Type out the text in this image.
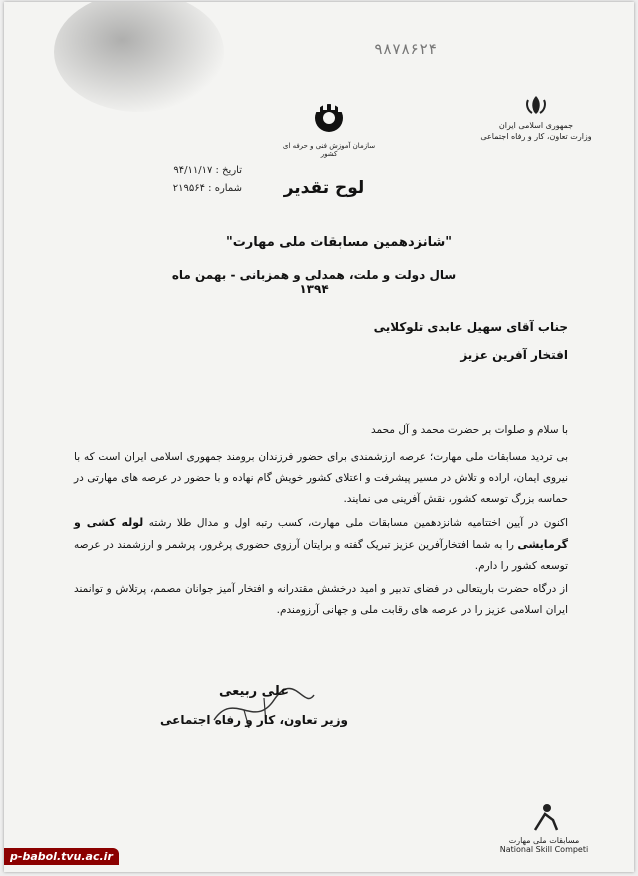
۹۸۷۸۶۲۴
جمهوری اسلامی ایران
وزارت تعاون، کار و رفاه اجتماعی
سازمان آموزش فنی و حرفه ای کشور
تاریخ : ۹۴/۱۱/۱۷
شماره : ۲۱۹۵۶۴	لوح تقدیر
"شانزدهمین مسابقات ملی مهارت"
سال دولت و ملت، همدلی و همزبانی - بهمن ماه ۱۳۹۴
جناب آقای سهیل عابدی تلوکلایی
افتخار آفرین عزیز

با سلام و صلوات بر حضرت محمد و آل محمد

بی تردید مسابقات ملی مهارت؛ عرصه ارزشمندی برای حضور فرزندان برومند جمهوری اسلامی ایران است که با نیروی ایمان، اراده و تلاش در مسیر پیشرفت و اعتلای کشور خویش گام نهاده و با حضور در عرصه های مهارتی در حماسه بزرگ توسعه کشور، نقش آفرینی می نمایند.

اکنون در آیین اختتامیه شانزدهمین مسابقات ملی مهارت، کسب رتبه اول و مدال طلا رشته لوله کشی و گرمایشی را به شما افتخارآفرین عزیز تبریک گفته و برایتان آرزوی حضوری پرغرور، پرشمر و ارزشمند در عرصه توسعه کشور را دارم.

از درگاه حضرت باریتعالی در فضای تدبیر و امید درخشش مقتدرانه و افتخار آمیز جوانان مصمم، پرتلاش و توانمند ایران اسلامی عزیز را در عرصه های رقابت ملی و جهانی آرزومندم.

علی ربیعی
وزیر تعاون، کار و رفاه اجتماعی
مسابقات ملی مهارت
National Skill Competi
p-babol.tvu.ac.ir
